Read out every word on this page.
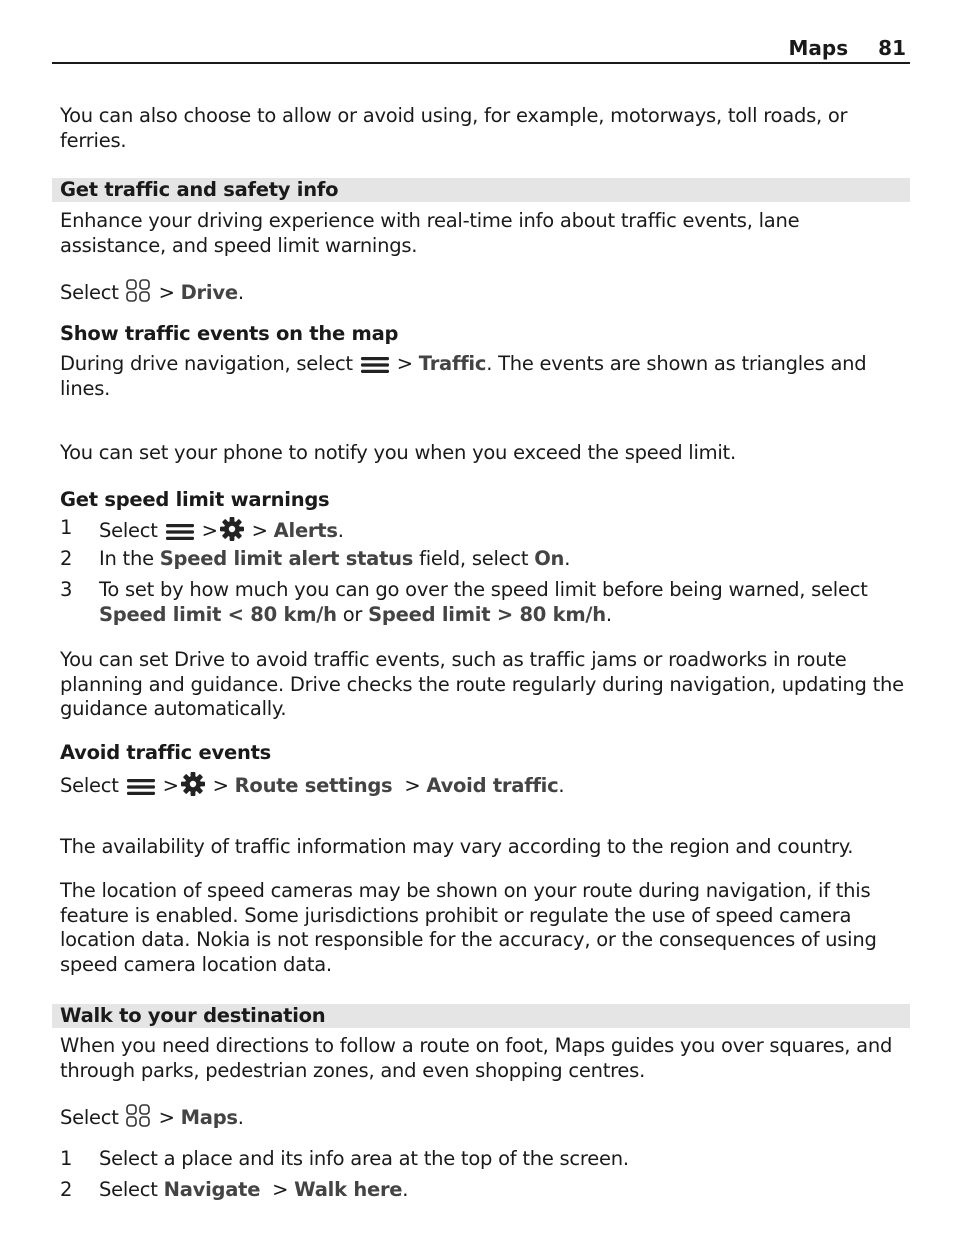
Maps 81

You can also choose to allow or avoid using, for example, motorways, toll roads, or ferries.

Get traffic and safety info

Enhance your driving experience with real-time info about traffic events, lane assistance, and speed limit warnings.

Select > Drive.

Show traffic events on the map

During drive navigation, select > Traffic. The events are shown as triangles and lines.

You can set your phone to notify you when you exceed the speed limit.

Get speed limit warnings

1 Select > > Alerts.
2 In the Speed limit alert status field, select On.
3 To set by how much you can go over the speed limit before being warned, select Speed limit < 80 km/h or Speed limit > 80 km/h.

You can set Drive to avoid traffic events, such as traffic jams or roadworks in route planning and guidance. Drive checks the route regularly during navigation, updating the guidance automatically.

Avoid traffic events

Select > > Route settings > Avoid traffic.

The availability of traffic information may vary according to the region and country.

The location of speed cameras may be shown on your route during navigation, if this feature is enabled. Some jurisdictions prohibit or regulate the use of speed camera location data. Nokia is not responsible for the accuracy, or the consequences of using speed camera location data.

Walk to your destination

When you need directions to follow a route on foot, Maps guides you over squares, and through parks, pedestrian zones, and even shopping centres.

Select > Maps.

1 Select a place and its info area at the top of the screen.
2 Select Navigate > Walk here.
